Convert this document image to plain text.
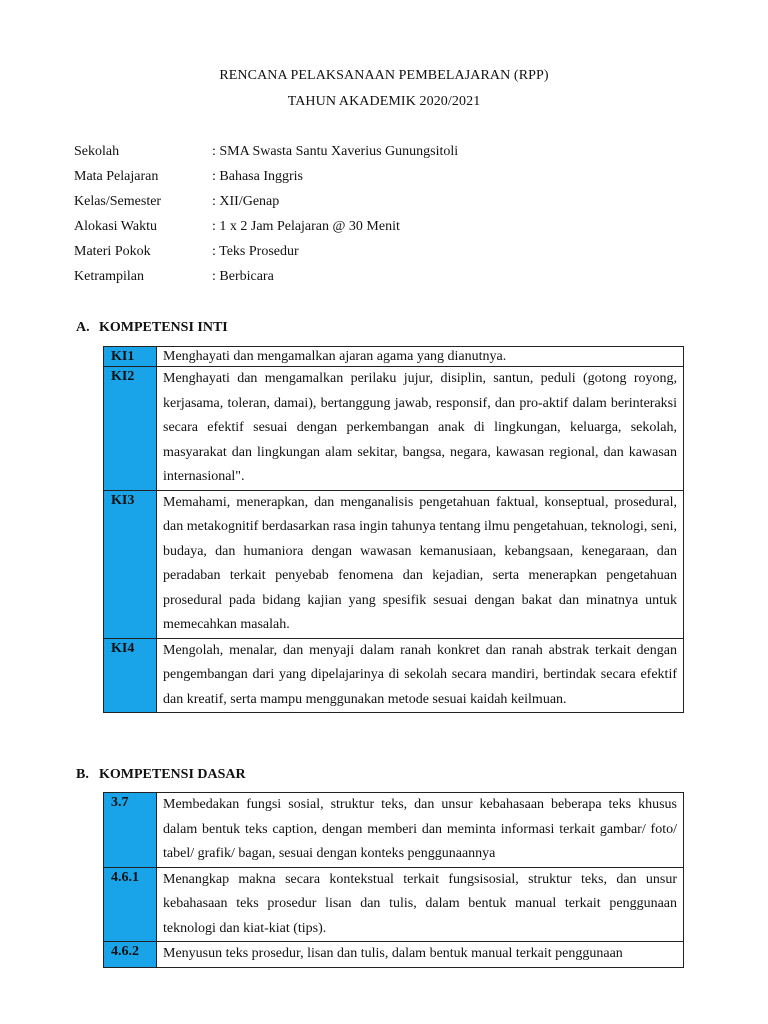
RENCANA PELAKSANAAN PEMBELAJARAN (RPP)
TAHUN AKADEMIK 2020/2021
Sekolah	: SMA Swasta Santu Xaverius Gunungsitoli
Mata Pelajaran	: Bahasa Inggris
Kelas/Semester	: XII/Genap
Alokasi Waktu	: 1 x 2 Jam Pelajaran @ 30 Menit
Materi Pokok	: Teks Prosedur
Ketrampilan	: Berbicara
A. KOMPETENSI INTI
KI1	Menghayati dan mengamalkan ajaran agama yang dianutnya.
KI2	Menghayati dan mengamalkan perilaku jujur, disiplin, santun, peduli (gotong royong, kerjasama, toleran, damai), bertanggung jawab, responsif, dan pro-aktif dalam berinteraksi secara efektif sesuai dengan perkembangan anak di lingkungan, keluarga, sekolah, masyarakat dan lingkungan alam sekitar, bangsa, negara, kawasan regional, dan kawasan internasional".
KI3	Memahami, menerapkan, dan menganalisis pengetahuan faktual, konseptual, prosedural, dan metakognitif berdasarkan rasa ingin tahunya tentang ilmu pengetahuan, teknologi, seni, budaya, dan humaniora dengan wawasan kemanusiaan, kebangsaan, kenegaraan, dan peradaban terkait penyebab fenomena dan kejadian, serta menerapkan pengetahuan prosedural pada bidang kajian yang spesifik sesuai dengan bakat dan minatnya untuk memecahkan masalah.
KI4	Mengolah, menalar, dan menyaji dalam ranah konkret dan ranah abstrak terkait dengan pengembangan dari yang dipelajarinya di sekolah secara mandiri, bertindak secara efektif dan kreatif, serta mampu menggunakan metode sesuai kaidah keilmuan.
B. KOMPETENSI DASAR
3.7	Membedakan fungsi sosial, struktur teks, dan unsur kebahasaan beberapa teks khusus dalam bentuk teks caption, dengan memberi dan meminta informasi terkait gambar/ foto/ tabel/ grafik/ bagan, sesuai dengan konteks penggunaannya
4.6.1	Menangkap makna secara kontekstual terkait fungsisosial, struktur teks, dan unsur kebahasaan teks prosedur lisan dan tulis, dalam bentuk manual terkait penggunaan teknologi dan kiat-kiat (tips).
4.6.2	Menyusun teks prosedur, lisan dan tulis, dalam bentuk manual terkait penggunaan
